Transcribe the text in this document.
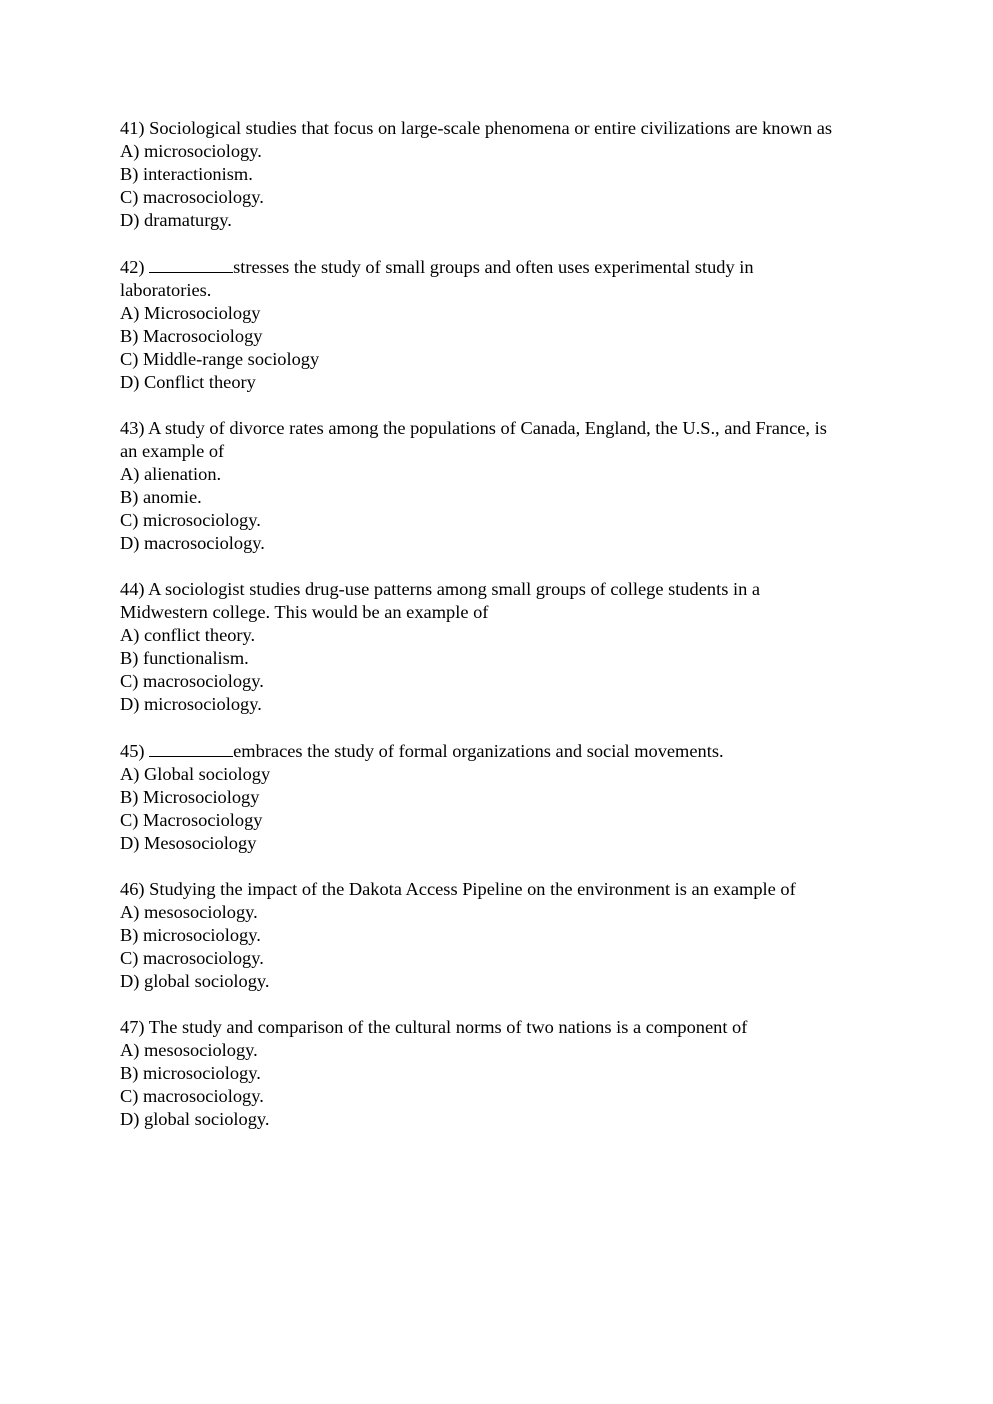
41) Sociological studies that focus on large-scale phenomena or entire civilizations are known as
A) microsociology.
B) interactionism.
C) macrosociology.
D) dramaturgy.
42)	stresses the study of small groups and often uses experimental study in
laboratories.
A) Microsociology
B) Macrosociology
C) Middle-range sociology
D) Conflict theory
43) A study of divorce rates among the populations of Canada, England, the U.S., and France, is
an example of
A) alienation.
B) anomie.
C) microsociology.
D) macrosociology.
44) A sociologist studies drug-use patterns among small groups of college students in a
Midwestern college. This would be an example of
A) conflict theory.
B) functionalism.
C) macrosociology.
D) microsociology.
45)	embraces the study of formal organizations and social movements.
A) Global sociology
B) Microsociology
C) Macrosociology
D) Mesosociology
46) Studying the impact of the Dakota Access Pipeline on the environment is an example of
A) mesosociology.
B) microsociology.
C) macrosociology.
D) global sociology.
47) The study and comparison of the cultural norms of two nations is a component of
A) mesosociology.
B) microsociology.
C) macrosociology.
D) global sociology.
